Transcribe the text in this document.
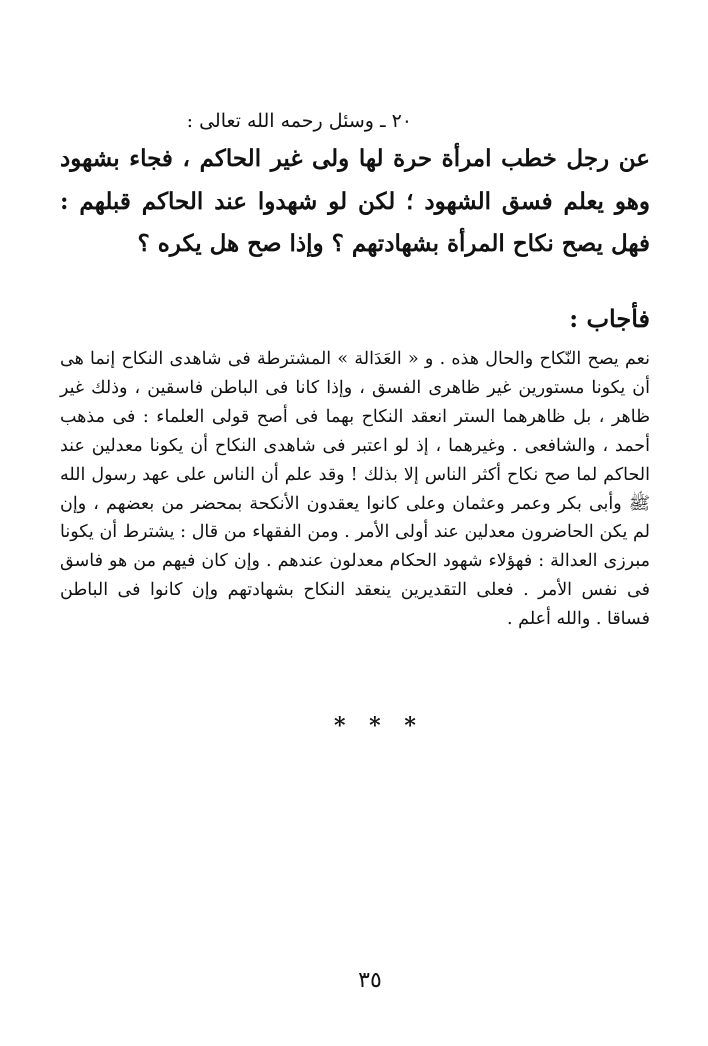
٢٠ ـ وسئل رحمه الله تعالى :
عن رجل خطب امرأة حرة لها ولى غير الحاكم ، فجاء بشهود وهو يعلم فسق الشهود ؛ لكن لو شهدوا عند الحاكم قبلهم : فهل يصح نكاح المرأة بشهادتهم ؟ وإذا صح هل يكره ؟
فأجاب :
نعم يصح النّكاح والحال هذه . و « العَدَالة » المشترطة فى شاهدى النكاح إنما هى أن يكونا مستورين غير ظاهرى الفسق ، وإذا كانا فى الباطن فاسقين ، وذلك غير ظاهر ، بل ظاهرهما الستر انعقد النكاح بهما فى أصح قولى العلماء : فى مذهب أحمد ، والشافعى . وغيرهما ، إذ لو اعتبر فى شاهدى النكاح أن يكونا معدلين عند الحاكم لما صح نكاح أكثر الناس إلا بذلك ! وقد علم أن الناس على عهد رسول الله ﷺ وأبى بكر وعمر وعثمان وعلى كانوا يعقدون الأنكحة بمحضر من بعضهم ، وإن لم يكن الحاضرون معدلين عند أولى الأمر . ومن الفقهاء من قال : يشترط أن يكونا مبرزى العدالة : فهؤلاء شهود الحكام معدلون عندهم . وإن كان فيهم من هو فاسق فى نفس الأمر . فعلى التقديرين ينعقد النكاح بشهادتهم وإن كانوا فى الباطن فساقا . والله أعلم .
* * *
٣٥
